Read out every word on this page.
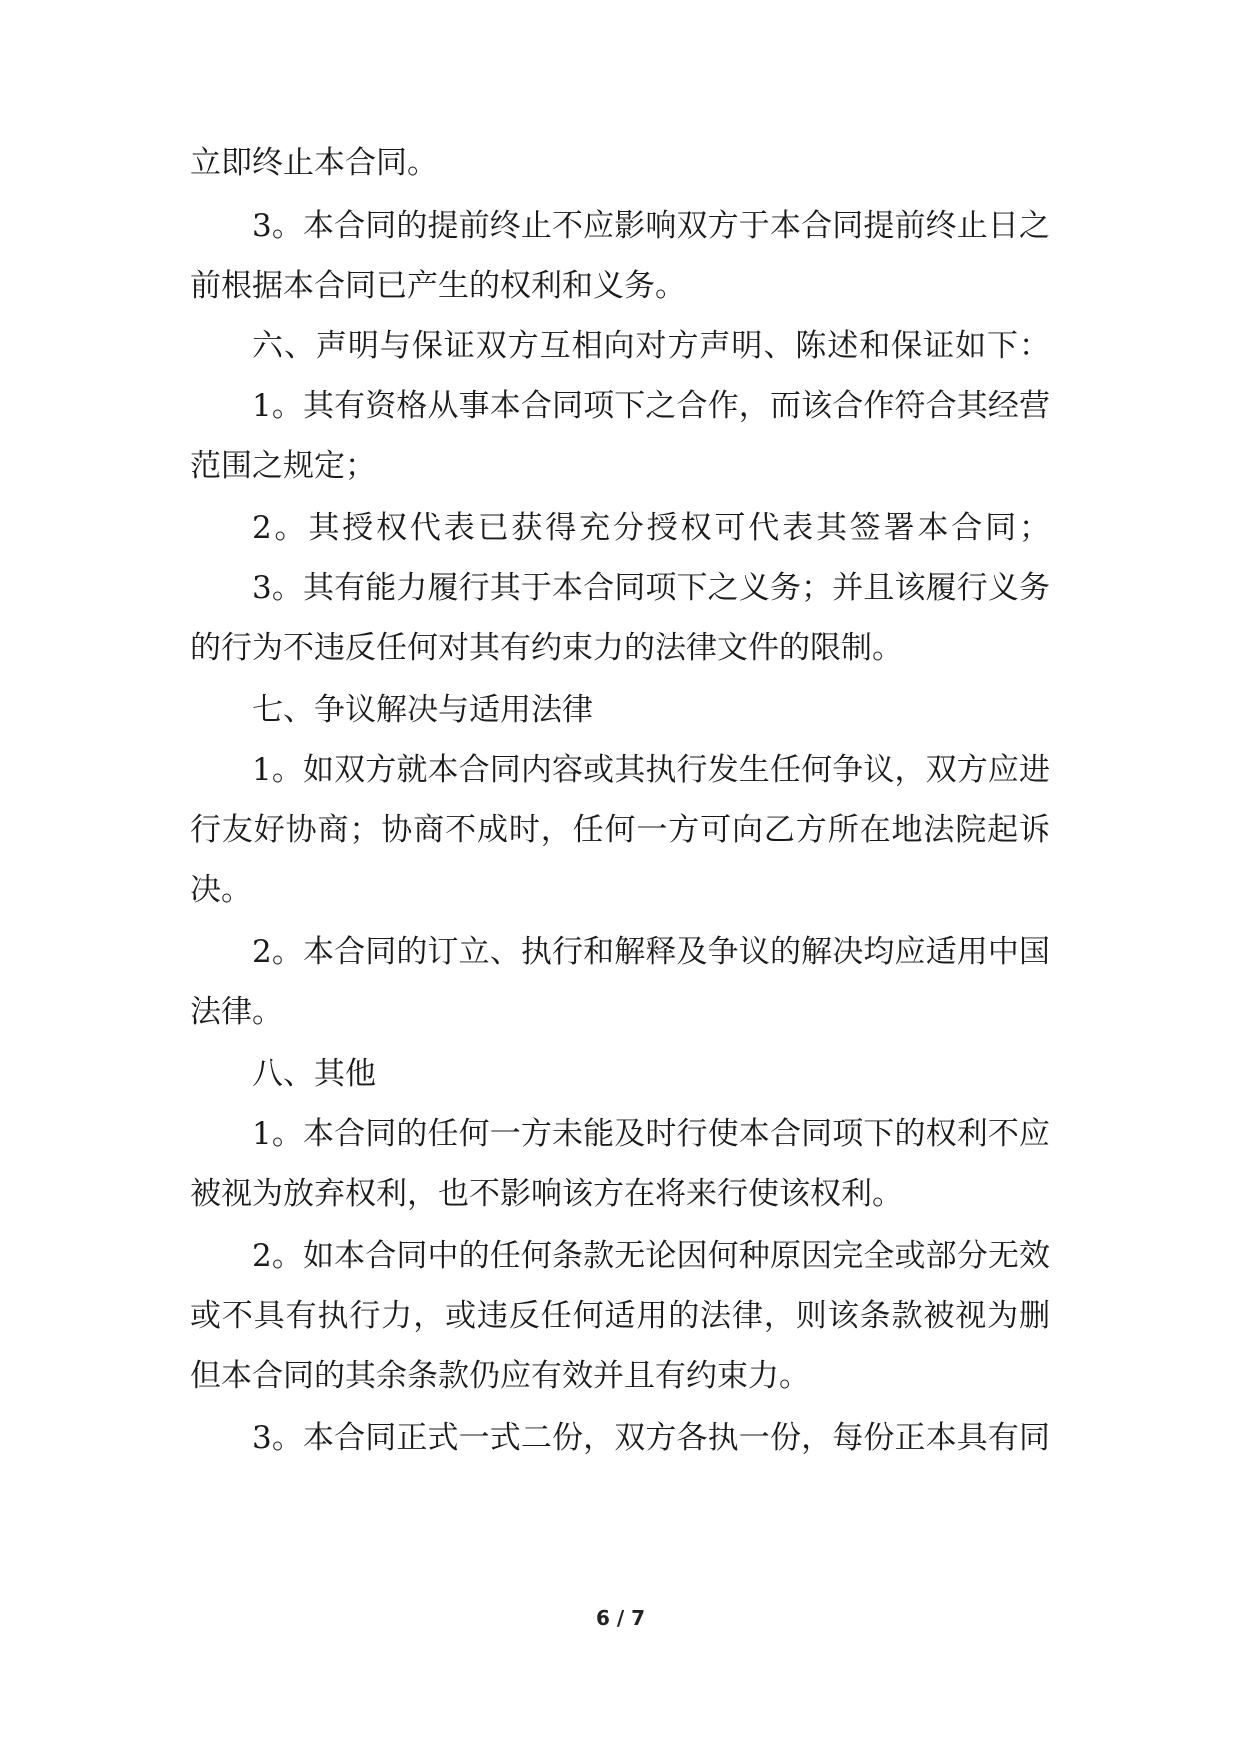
立即终止本合同。
3。本合同的提前终止不应影响双方于本合同提前终止日之
前根据本合同已产生的权利和义务。
六、声明与保证双方互相向对方声明、陈述和保证如下：
1。其有资格从事本合同项下之合作，而该合作符合其经营
范围之规定；
2。其授权代表已获得充分授权可代表其签署本合同；
3。其有能力履行其于本合同项下之义务；并且该履行义务
的行为不违反任何对其有约束力的法律文件的限制。
七、争议解决与适用法律
1。如双方就本合同内容或其执行发生任何争议，双方应进
行友好协商；协商不成时，任何一方可向乙方所在地法院起诉
决。
2。本合同的订立、执行和解释及争议的解决均应适用中国
法律。
八、其他
1。本合同的任何一方未能及时行使本合同项下的权利不应
被视为放弃权利，也不影响该方在将来行使该权利。
2。如本合同中的任何条款无论因何种原因完全或部分无效
或不具有执行力，或违反任何适用的法律，则该条款被视为删
但本合同的其余条款仍应有效并且有约束力。
3。本合同正式一式二份，双方各执一份，每份正本具有同
6 / 7
